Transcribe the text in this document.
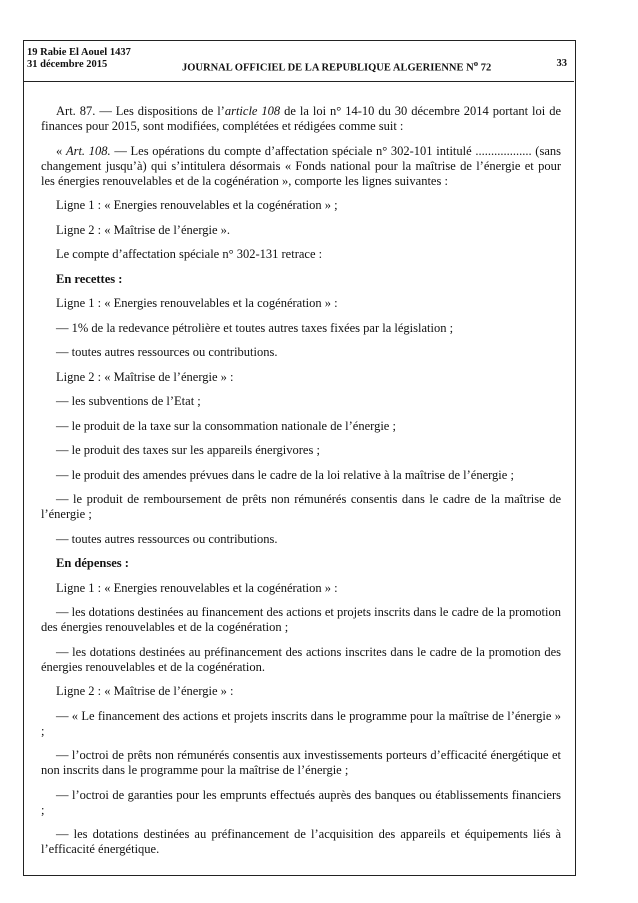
19 Rabie El Aouel 1437
31 décembre 2015	JOURNAL OFFICIEL DE LA REPUBLIQUE ALGERIENNE $N^o$ 72	33

Art. 87. — Les dispositions de l’article 108 de la loi n° 14-10 du 30 décembre 2014 portant loi de finances pour 2015, sont modifiées, complétées et rédigées comme suit :

« Art. 108. — Les opérations du compte d’affectation spéciale n° 302-101 intitulé .................. (sans changement jusqu’à) qui s’intitulera désormais « Fonds national pour la maîtrise de l’énergie et pour les énergies renouvelables et de la cogénération », comporte les lignes suivantes :

Ligne 1 : « Energies renouvelables et la cogénération » ;

Ligne 2 : « Maîtrise de l’énergie ».

Le compte d’affectation spéciale n° 302-131 retrace :

En recettes :

Ligne 1 : « Energies renouvelables et la cogénération » :

— 1% de la redevance pétrolière et toutes autres taxes fixées par la législation ;

— toutes autres ressources ou contributions.

Ligne 2 : « Maîtrise de l’énergie » :

— les subventions de l’Etat ;

— le produit de la taxe sur la consommation nationale de l’énergie ;

— le produit des taxes sur les appareils énergivores ;

— le produit des amendes prévues dans le cadre de la loi relative à la maîtrise de l’énergie ;

— le produit de remboursement de prêts non rémunérés consentis dans le cadre de la maîtrise de l’énergie ;

— toutes autres ressources ou contributions.

En dépenses :

Ligne 1 : « Energies renouvelables et la cogénération » :

— les dotations destinées au financement des actions et projets inscrits dans le cadre de la promotion des énergies renouvelables et de la cogénération ;

— les dotations destinées au préfinancement des actions inscrites dans le cadre de la promotion des énergies renouvelables et de la cogénération.

Ligne 2 : « Maîtrise de l’énergie » :

— « Le financement des actions et projets inscrits dans le programme pour la maîtrise de l’énergie » ;

— l’octroi de prêts non rémunérés consentis aux investissements porteurs d’efficacité énergétique et non inscrits dans le programme pour la maîtrise de l’énergie ;

— l’octroi de garanties pour les emprunts effectués auprès des banques ou établissements financiers ;

— les dotations destinées au préfinancement de l’acquisition des appareils et équipements liés à l’efficacité énergétique.
